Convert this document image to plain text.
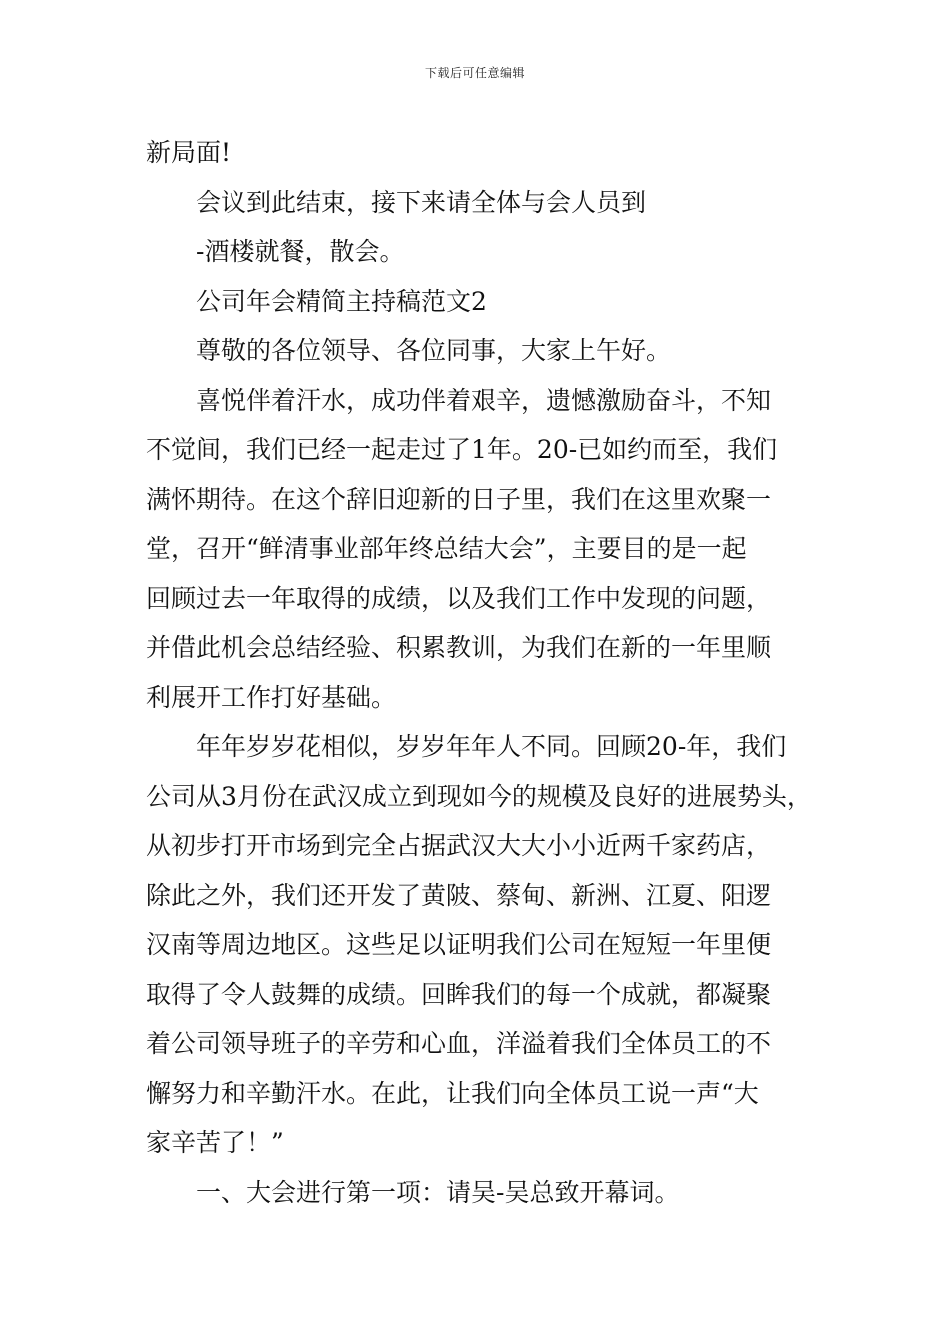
下载后可任意编辑
新局面!
会议到此结束，接下来请全体与会人员到
-酒楼就餐，散会。
公司年会精简主持稿范文2
尊敬的各位领导、各位同事，大家上午好。
喜悦伴着汗水，成功伴着艰辛，遗憾激励奋斗，不知
不觉间，我们已经一起走过了1年。20-已如约而至，我们
满怀期待。在这个辞旧迎新的日子里，我们在这里欢聚一
堂，召开“鲜清事业部年终总结大会”，主要目的是一起
回顾过去一年取得的成绩，以及我们工作中发现的问题，
并借此机会总结经验、积累教训，为我们在新的一年里顺
利展开工作打好基础。
年年岁岁花相似，岁岁年年人不同。回顾20-年，我们
公司从3月份在武汉成立到现如今的规模及良好的进展势头，
从初步打开市场到完全占据武汉大大小小近两千家药店，
除此之外，我们还开发了黄陂、蔡甸、新洲、江夏、阳逻
汉南等周边地区。这些足以证明我们公司在短短一年里便
取得了令人鼓舞的成绩。回眸我们的每一个成就，都凝聚
着公司领导班子的辛劳和心血，洋溢着我们全体员工的不
懈努力和辛勤汗水。在此，让我们向全体员工说一声“大
家辛苦了！”
一、大会进行第一项：请吴-吴总致开幕词。
